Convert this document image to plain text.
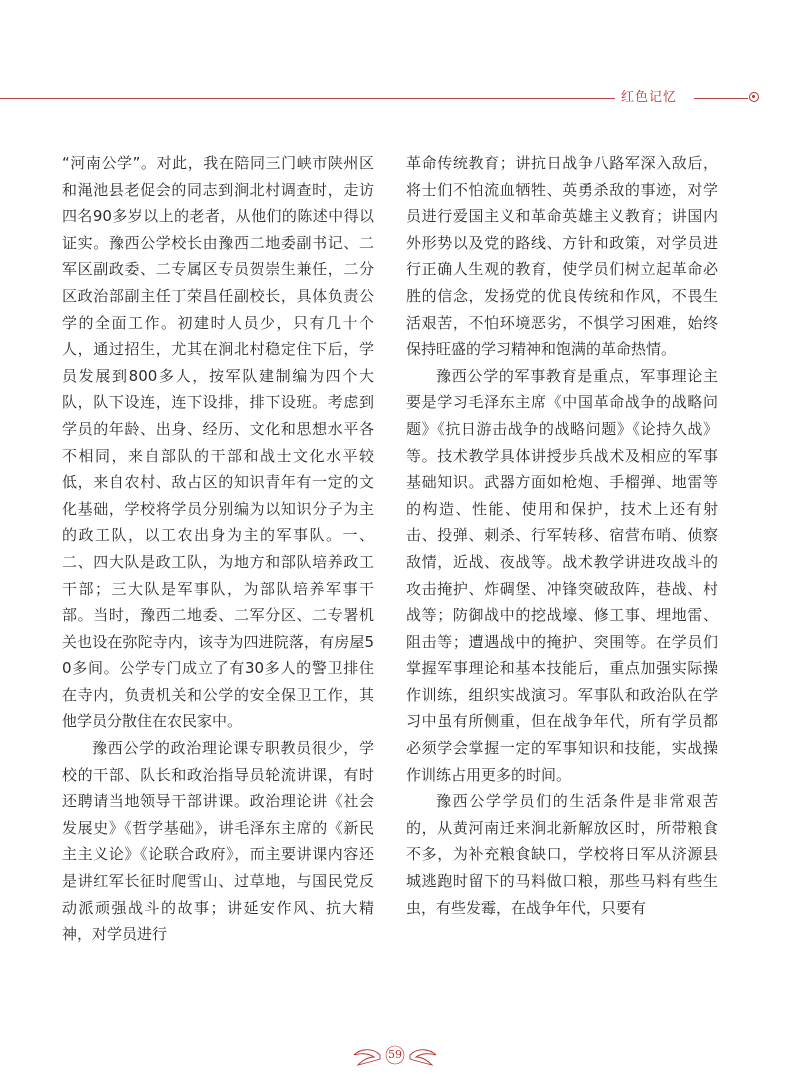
红色记忆

“河南公学”。对此，我在陪同三门峡市陕州区和渑池县老促会的同志到涧北村调查时，走访四名90多岁以上的老者，从他们的陈述中得以证实。豫西公学校长由豫西二地委副书记、二军区副政委、二专属区专员贺崇生兼任，二分区政治部副主任丁荣昌任副校长，具体负责公学的全面工作。初建时人员少，只有几十个人，通过招生，尤其在涧北村稳定住下后，学员发展到800多人，按军队建制编为四个大队，队下设连，连下设排，排下设班。考虑到学员的年龄、出身、经历、文化和思想水平各不相同，来自部队的干部和战士文化水平较低，来自农村、敌占区的知识青年有一定的文化基础，学校将学员分别编为以知识分子为主的政工队，以工农出身为主的军事队。一、二、四大队是政工队，为地方和部队培养政工干部；三大队是军事队，为部队培养军事干部。当时，豫西二地委、二军分区、二专署机关也设在弥陀寺内，该寺为四进院落，有房屋50多间。公学专门成立了有30多人的警卫排住在寺内，负责机关和公学的安全保卫工作，其他学员分散住在农民家中。

豫西公学的政治理论课专职教员很少，学校的干部、队长和政治指导员轮流讲课，有时还聘请当地领导干部讲课。政治理论讲《社会发展史》《哲学基础》，讲毛泽东主席的《新民主主义论》《论联合政府》，而主要讲课内容还是讲红军长征时爬雪山、过草地，与国民党反动派顽强战斗的故事；讲延安作风、抗大精神，对学员进行

革命传统教育；讲抗日战争八路军深入敌后，将士们不怕流血牺牲、英勇杀敌的事迹，对学员进行爱国主义和革命英雄主义教育；讲国内外形势以及党的路线、方针和政策，对学员进行正确人生观的教育，使学员们树立起革命必胜的信念，发扬党的优良传统和作风，不畏生活艰苦，不怕环境恶劣，不惧学习困难，始终保持旺盛的学习精神和饱满的革命热情。

豫西公学的军事教育是重点，军事理论主要是学习毛泽东主席《中国革命战争的战略问题》《抗日游击战争的战略问题》《论持久战》等。技术教学具体讲授步兵战术及相应的军事基础知识。武器方面如枪炮、手榴弹、地雷等的构造、性能、使用和保护，技术上还有射击、投弹、刺杀、行军转移、宿营布哨、侦察敌情，近战、夜战等。战术教学讲进攻战斗的攻击掩护、炸碉堡、冲锋突破敌阵，巷战、村战等；防御战中的挖战壕、修工事、埋地雷、阻击等；遭遇战中的掩护、突围等。在学员们掌握军事理论和基本技能后，重点加强实际操作训练，组织实战演习。军事队和政治队在学习中虽有所侧重，但在战争年代，所有学员都必须学会掌握一定的军事知识和技能，实战操作训练占用更多的时间。

豫西公学学员们的生活条件是非常艰苦的，从黄河南迁来涧北新解放区时，所带粮食不多，为补充粮食缺口，学校将日军从济源县城逃跑时留下的马料做口粮，那些马料有些生虫，有些发霉，在战争年代，只要有

59
